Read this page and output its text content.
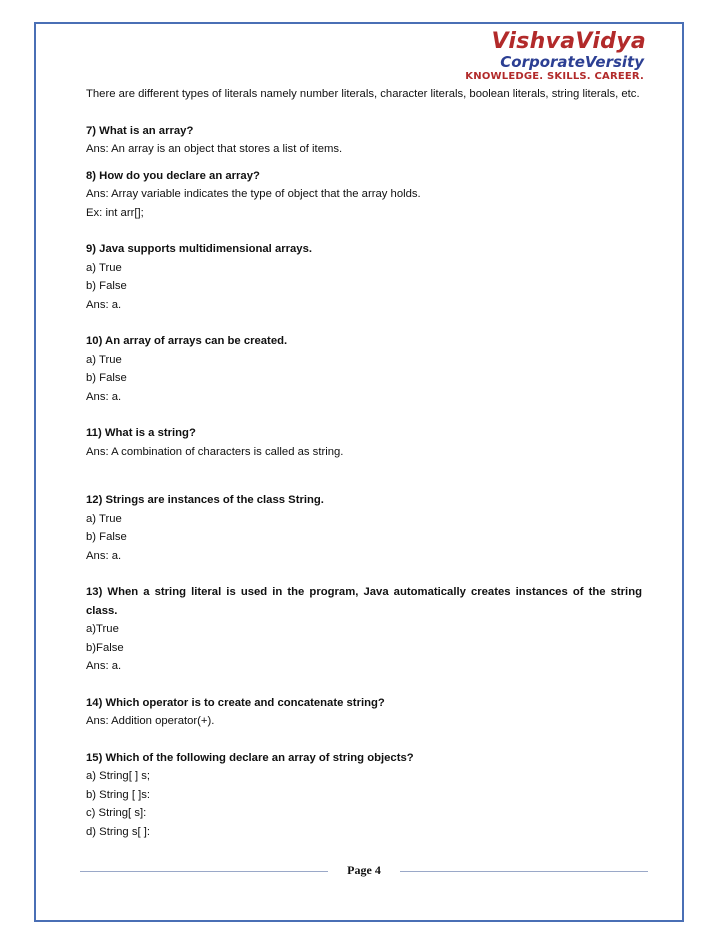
VishvaVidya
CorporateVersity
KNOWLEDGE. SKILLS. CAREER.

There are different types of literals namely number literals, character literals, boolean literals, string literals, etc.

7) What is an array?
Ans: An array is an object that stores a list of items.
8) How do you declare an array?
Ans: Array variable indicates the type of object that the array holds.
Ex: int arr[];
9) Java supports multidimensional arrays.
a) True
b) False
Ans: a.
10) An array of arrays can be created.
a) True
b) False
Ans: a.
11) What is a string?
Ans: A combination of characters is called as string.
12) Strings are instances of the class String.
a) True
b) False
Ans: a.
13) When a string literal is used in the program, Java automatically creates instances of the string class.
a)True
b)False
Ans: a.
14) Which operator is to create and concatenate string?
Ans: Addition operator(+).
15) Which of the following declare an array of string objects?
a) String[ ] s;
b) String [ ]s:
c) String[ s]:
d) String s[ ]:
Page 4
